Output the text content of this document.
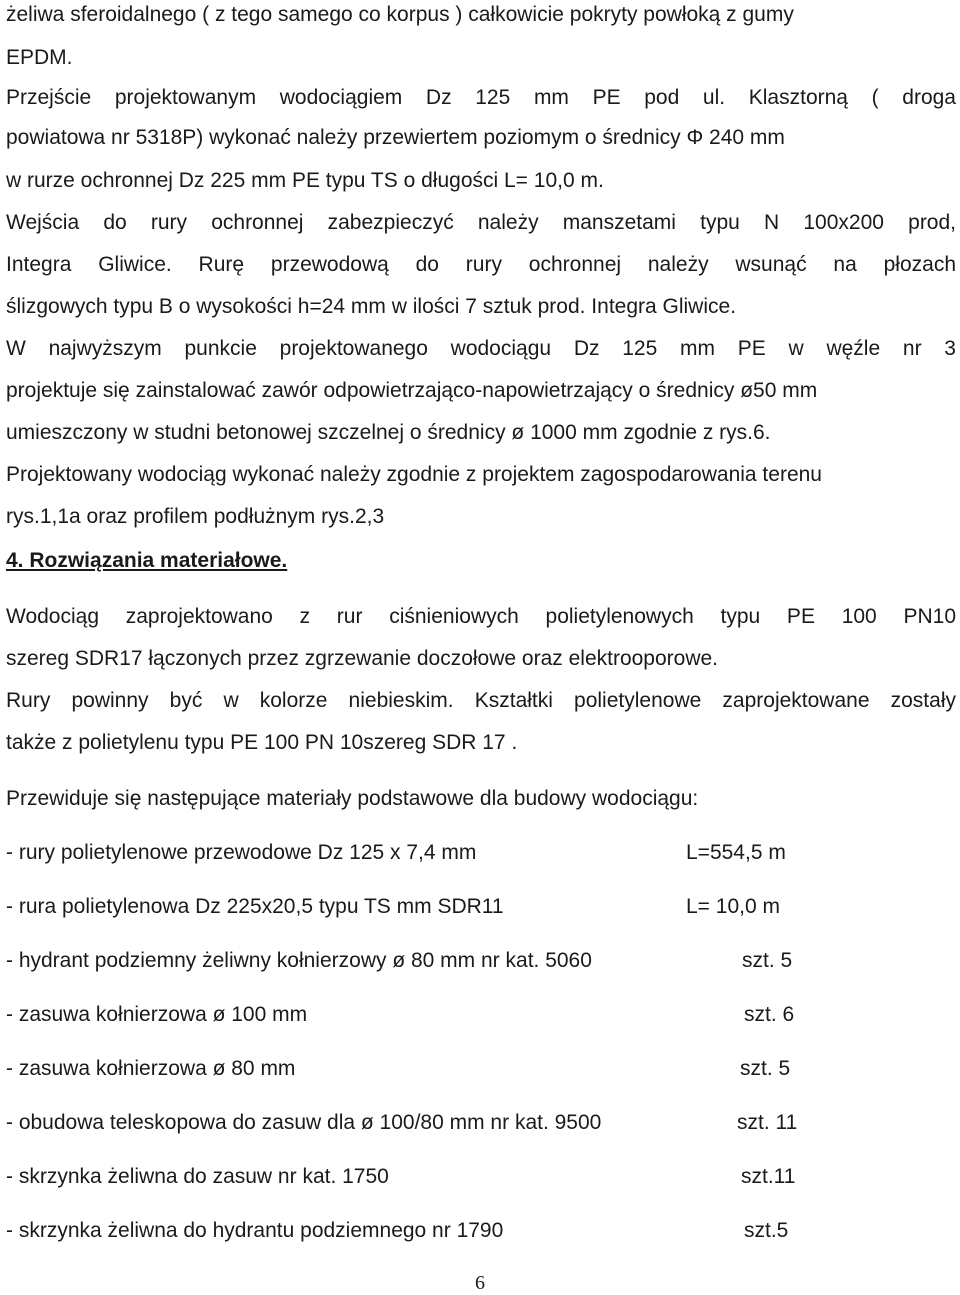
żeliwa sferoidalnego ( z tego samego co korpus ) całkowicie pokryty powłoką z gumy
EPDM.
Przejście projektowanym wodociągiem Dz 125 mm PE pod ul. Klasztorną ( droga
powiatowa nr 5318P) wykonać należy przewiertem poziomym o średnicy Φ 240 mm
w rurze ochronnej Dz 225 mm PE typu TS o długości L= 10,0 m.
Wejścia do rury ochronnej zabezpieczyć należy manszetami typu N 100x200 prod,
Integra Gliwice. Rurę przewodową do rury ochronnej należy wsunąć na płozach
ślizgowych typu B o wysokości h=24 mm w ilości 7 sztuk prod. Integra Gliwice.
W najwyższym punkcie projektowanego wodociągu Dz 125 mm PE w węźle nr 3
projektuje się zainstalować zawór odpowietrzająco-napowietrzający o średnicy ø50 mm
umieszczony w studni betonowej szczelnej o średnicy ø 1000 mm zgodnie z rys.6.
Projektowany wodociąg wykonać należy zgodnie z projektem zagospodarowania terenu
rys.1,1a oraz profilem podłużnym rys.2,3
4. Rozwiązania materiałowe.
Wodociąg zaprojektowano z rur ciśnieniowych polietylenowych typu PE 100 PN10
szereg SDR17 łączonych przez zgrzewanie doczołowe oraz elektrooporowe.
Rury powinny być w kolorze niebieskim. Kształtki polietylenowe zaprojektowane zostały
także z polietylenu typu PE 100 PN 10szereg SDR 17 .
Przewiduje się następujące materiały podstawowe dla budowy wodociągu:
- rury polietylenowe przewodowe Dz 125 x 7,4 mm	L=554,5 m
- rura polietylenowa Dz 225x20,5 typu TS mm SDR11	L= 10,0 m
- hydrant podziemny żeliwny kołnierzowy ø 80 mm nr kat. 5060	szt. 5
- zasuwa kołnierzowa ø 100 mm	szt. 6
- zasuwa kołnierzowa ø 80 mm	szt. 5
- obudowa teleskopowa do zasuw dla ø 100/80 mm nr kat. 9500	szt. 11
- skrzynka żeliwna do zasuw nr kat. 1750	szt.11
- skrzynka żeliwna do hydrantu podziemnego nr 1790	szt.5
6
